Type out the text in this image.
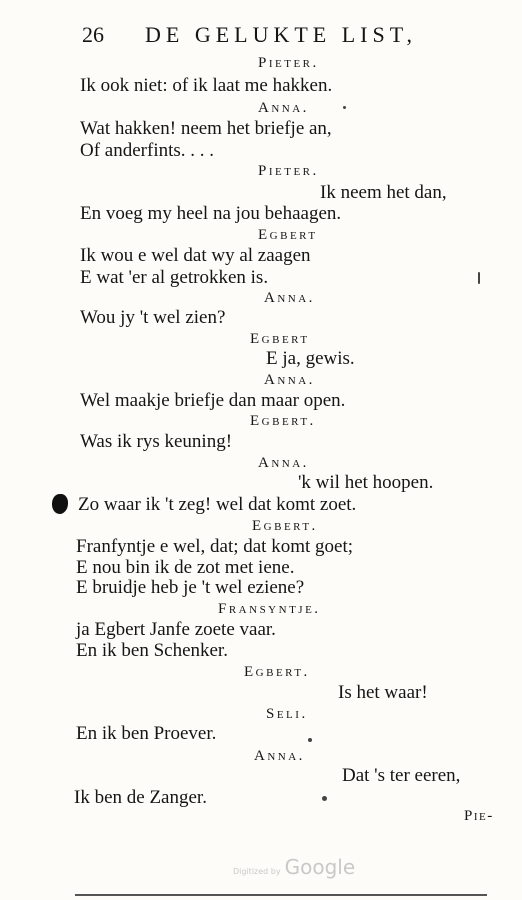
26 DE GELUKTE LIST,
Pieter.
Ik ook niet: of ik laat me hakken.
Anna.
Wat hakken! neem het briefje an,
Of anderfints. . . .
Pieter.
Ik neem het dan,
En voeg my heel na jou behaagen.
Egbert
Ik wou e wel dat wy al zaagen
E wat 'er al getrokken is.
Anna.
Wou jy 't wel zien?
Egbert
E ja, gewis.
Anna.
Wel maakje briefje dan maar open.
Egbert.
Was ik rys keuning!
Anna.
'k wil het hoopen.
Zo waar ik 't zeg! wel dat komt zoet.
Egbert.
Franfyntje e wel, dat; dat komt goet;
E nou bin ik de zot met iene.
E bruidje heb je 't wel eziene?
Fransyntje.
ja Egbert Janfe zoete vaar.
En ik ben Schenker.
Egbert.
Is het waar!
Seli.
En ik ben Proever.
Anna.
Dat 's ter eeren,
Ik ben de Zanger.
Pie-
Digitized by Google
